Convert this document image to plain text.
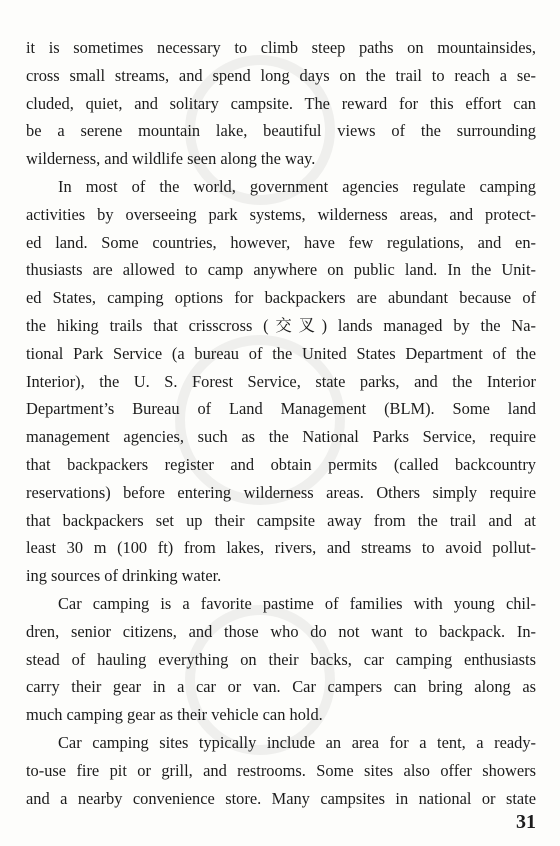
it is sometimes necessary to climb steep paths on mountainsides,
cross small streams, and spend long days on the trail to reach a se-
cluded, quiet, and solitary campsite. The reward for this effort can
be a serene mountain lake, beautiful views of the surrounding
wilderness, and wildlife seen along the way.
In most of the world, government agencies regulate camping
activities by overseeing park systems, wilderness areas, and protect-
ed land. Some countries, however, have few regulations, and en-
thusiasts are allowed to camp anywhere on public land. In the Unit-
ed States, camping options for backpackers are abundant because of
the hiking trails that crisscross (交叉) lands managed by the Na-
tional Park Service (a bureau of the United States Department of the
Interior), the U. S. Forest Service, state parks, and the Interior
Department’s Bureau of Land Management (BLM). Some land
management agencies, such as the National Parks Service, require
that backpackers register and obtain permits (called backcountry
reservations) before entering wilderness areas. Others simply require
that backpackers set up their campsite away from the trail and at
least 30 m (100 ft) from lakes, rivers, and streams to avoid pollut-
ing sources of drinking water.
Car camping is a favorite pastime of families with young chil-
dren, senior citizens, and those who do not want to backpack. In-
stead of hauling everything on their backs, car camping enthusiasts
carry their gear in a car or van. Car campers can bring along as
much camping gear as their vehicle can hold.
Car camping sites typically include an area for a tent, a ready-
to-use fire pit or grill, and restrooms. Some sites also offer showers
and a nearby convenience store. Many campsites in national or state
31
